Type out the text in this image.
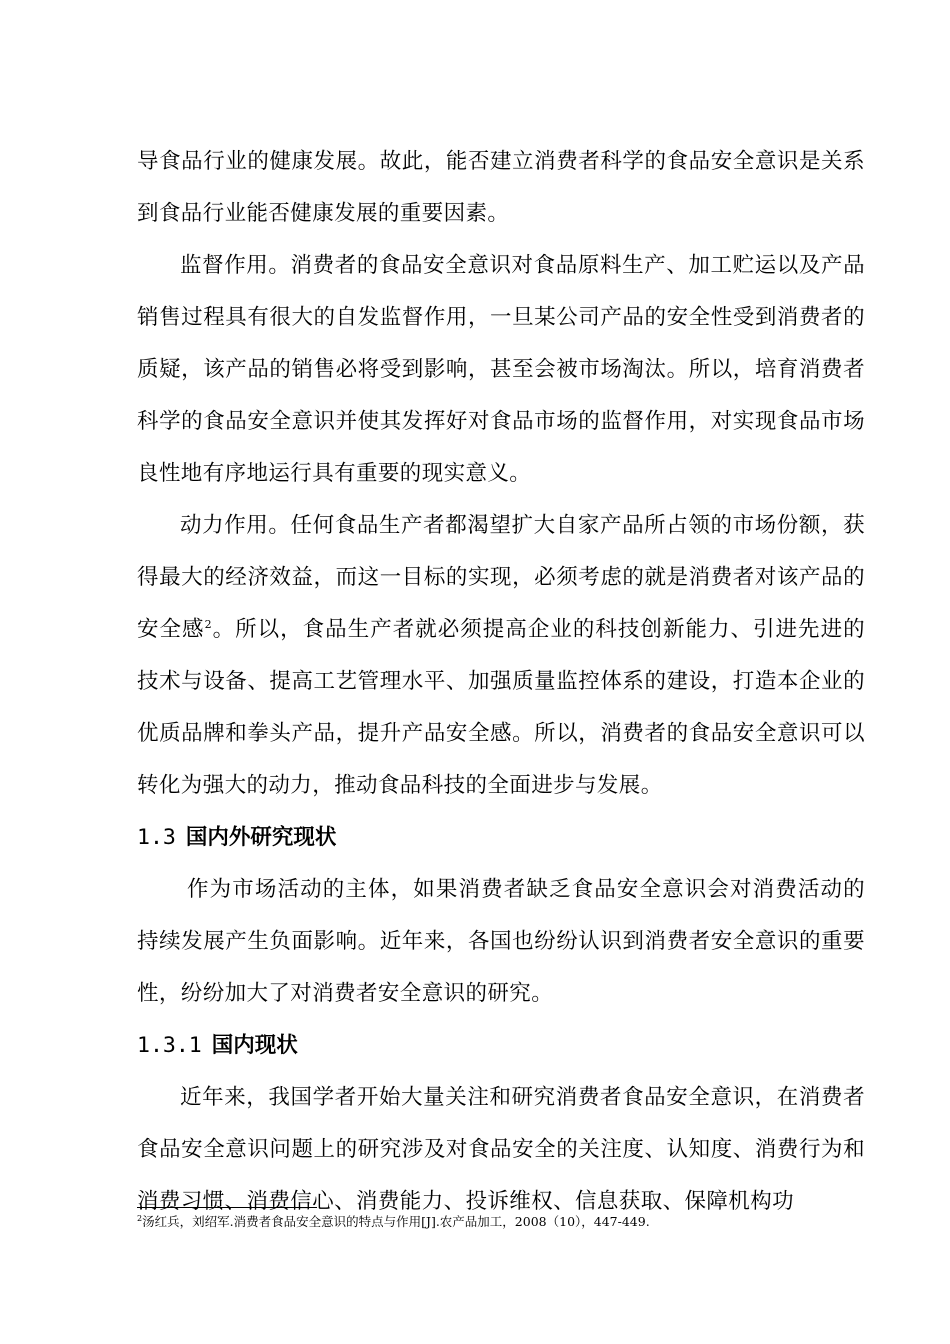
导食品行业的健康发展。故此，能否建立消费者科学的食品安全意识是关系到食品行业能否健康发展的重要因素。

监督作用。消费者的食品安全意识对食品原料生产、加工贮运以及产品销售过程具有很大的自发监督作用，一旦某公司产品的安全性受到消费者的质疑，该产品的销售必将受到影响，甚至会被市场淘汰。所以，培育消费者科学的食品安全意识并使其发挥好对食品市场的监督作用，对实现食品市场良性地有序地运行具有重要的现实意义。

动力作用。任何食品生产者都渴望扩大自家产品所占领的市场份额，获得最大的经济效益，而这一目标的实现，必须考虑的就是消费者对该产品的安全感$^2$。所以，食品生产者就必须提高企业的科技创新能力、引进先进的技术与设备、提高工艺管理水平、加强质量监控体系的建设，打造本企业的优质品牌和拳头产品，提升产品安全感。所以，消费者的食品安全意识可以转化为强大的动力，推动食品科技的全面进步与发展。

1.3 国内外研究现状

作为市场活动的主体，如果消费者缺乏食品安全意识会对消费活动的持续发展产生负面影响。近年来，各国也纷纷认识到消费者安全意识的重要性，纷纷加大了对消费者安全意识的研究。

1.3.1 国内现状

近年来，我国学者开始大量关注和研究消费者食品安全意识，在消费者食品安全意识问题上的研究涉及对食品安全的关注度、认知度、消费行为和消费习惯、消费信心、消费能力、投诉维权、信息获取、保障机构功

$^2$汤红兵，刘绍军.消费者食品安全意识的特点与作用[J].农产品加工，2008（10），447-449.
